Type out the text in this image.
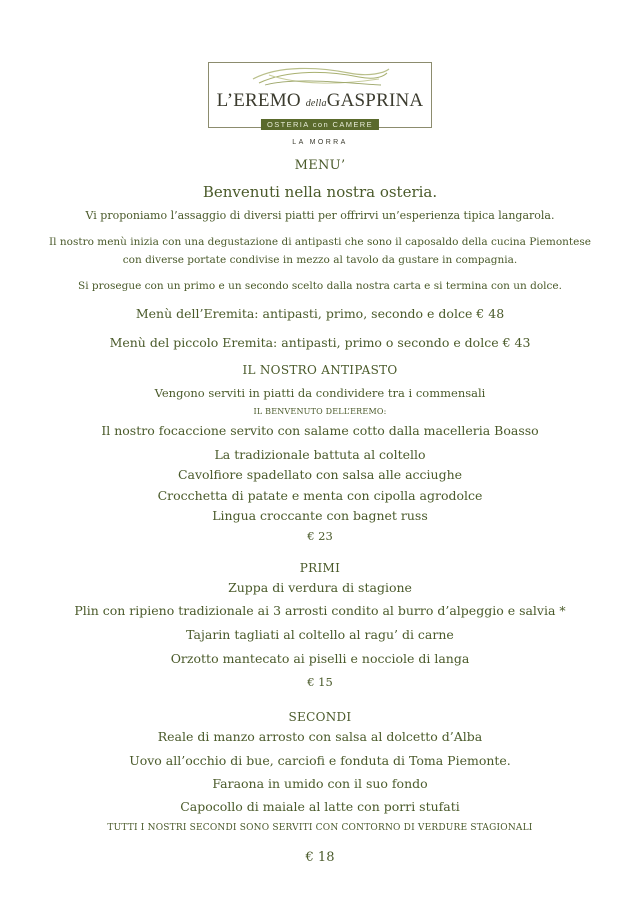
L’EREMO dellaGASPRINA
OSTERIA con CAMERE
LA MORRA
MENU’
Benvenuti nella nostra osteria.
Vi proponiamo l’assaggio di diversi piatti per offrirvi un’esperienza tipica langarola.
Il nostro menù inizia con una degustazione di antipasti che sono il caposaldo della cucina Piemontese
con diverse portate condivise in mezzo al tavolo da gustare in compagnia.
Si prosegue con un primo e un secondo scelto dalla nostra carta e si termina con un dolce.
Menù dell’Eremita: antipasti, primo, secondo e dolce € 48
Menù del piccolo Eremita: antipasti, primo o secondo e dolce € 43
IL NOSTRO ANTIPASTO
Vengono serviti in piatti da condividere tra i commensali
IL BENVENUTO DELL’EREMO:
Il nostro focaccione servito con salame cotto dalla macelleria Boasso
La tradizionale battuta al coltello
Cavolfiore spadellato con salsa alle acciughe
Crocchetta di patate e menta con cipolla agrodolce
Lingua croccante con bagnet russ
€ 23
PRIMI
Zuppa di verdura di stagione
Plin con ripieno tradizionale ai 3 arrosti condito al burro d’alpeggio e salvia *
Tajarin tagliati al coltello al ragu’ di carne
Orzotto mantecato ai piselli e nocciole di langa
€ 15
SECONDI
Reale di manzo arrosto con salsa al dolcetto d’Alba
Uovo all’occhio di bue, carciofi e fonduta di Toma Piemonte.
Faraona in umido con il suo fondo
Capocollo di maiale al latte con porri stufati
TUTTI I NOSTRI SECONDI SONO SERVITI CON CONTORNO DI VERDURE STAGIONALI
€ 18
